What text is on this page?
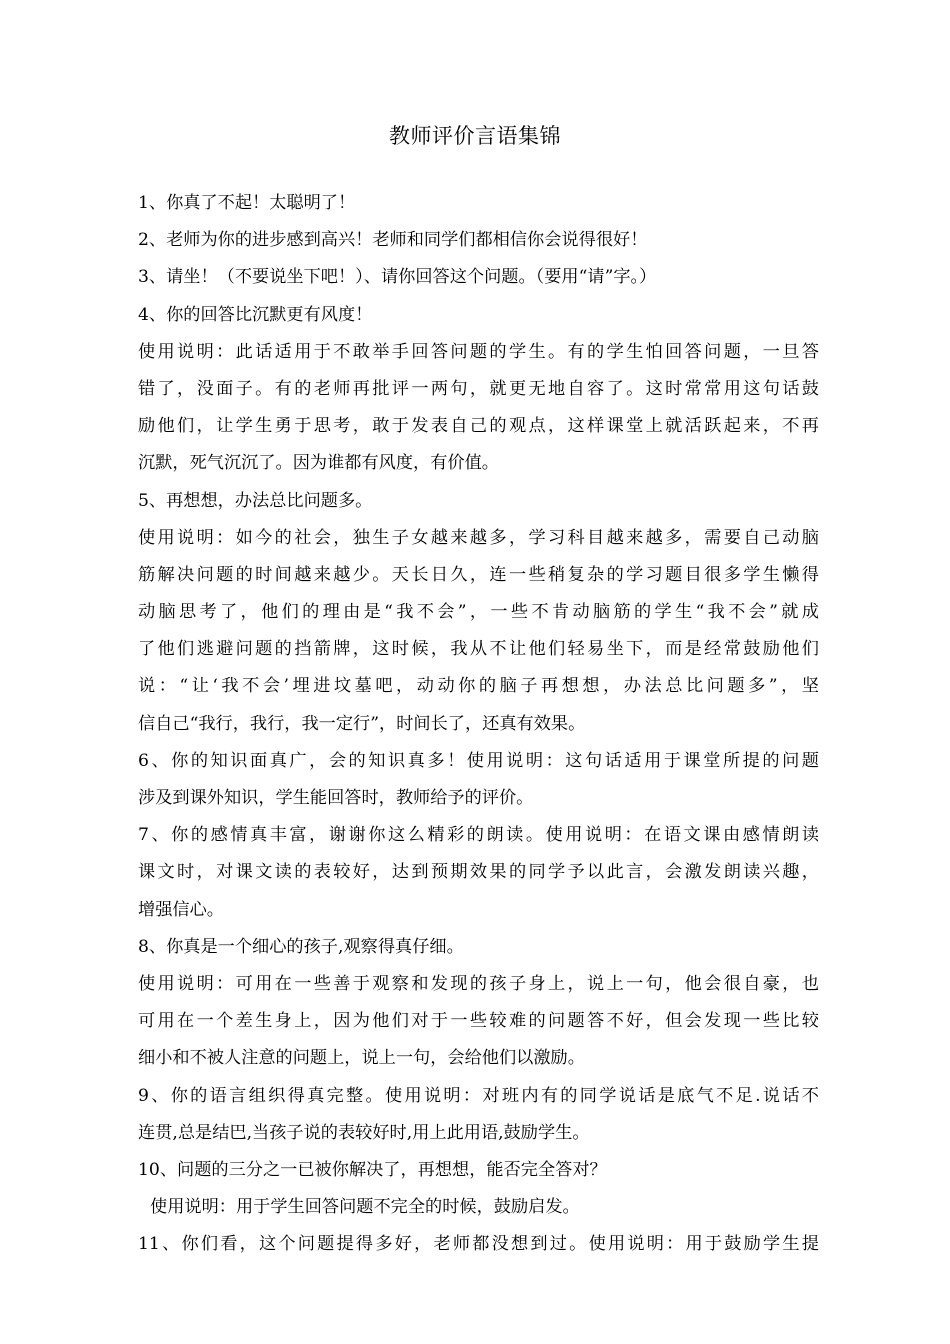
教师评价言语集锦
1、你真了不起！太聪明了！
2、老师为你的进步感到高兴！老师和同学们都相信你会说得很好！
3、请坐！（不要说坐下吧！）、请你回答这个问题。（要用“请”字。）
4、你的回答比沉默更有风度！
使用说明：此话适用于不敢举手回答问题的学生。有的学生怕回答问题，一旦答
错了，没面子。有的老师再批评一两句，就更无地自容了。这时常常用这句话鼓
励他们，让学生勇于思考，敢于发表自己的观点，这样课堂上就活跃起来，不再
沉默，死气沉沉了。因为谁都有风度，有价值。
5、再想想，办法总比问题多。
使用说明：如今的社会，独生子女越来越多，学习科目越来越多，需要自己动脑
筋解决问题的时间越来越少。天长日久，连一些稍复杂的学习题目很多学生懒得
动脑思考了，他们的理由是“我不会”，一些不肯动脑筋的学生“我不会”就成
了他们逃避问题的挡箭牌，这时候，我从不让他们轻易坐下，而是经常鼓励他们
说：“让‘我不会’埋进坟墓吧，动动你的脑子再想想，办法总比问题多”，坚
信自己“我行，我行，我一定行”，时间长了，还真有效果。
6、你的知识面真广，会的知识真多！使用说明：这句话适用于课堂所提的问题
涉及到课外知识，学生能回答时，教师给予的评价。
7、你的感情真丰富，谢谢你这么精彩的朗读。使用说明：在语文课由感情朗读
课文时，对课文读的表较好，达到预期效果的同学予以此言，会激发朗读兴趣，
增强信心。
8、你真是一个细心的孩子,观察得真仔细。
使用说明：可用在一些善于观察和发现的孩子身上，说上一句，他会很自豪，也
可用在一个差生身上，因为他们对于一些较难的问题答不好，但会发现一些比较
细小和不被人注意的问题上，说上一句，会给他们以激励。
9、你的语言组织得真完整。使用说明：对班内有的同学说话是底气不足.说话不
连贯,总是结巴,当孩子说的表较好时,用上此用语,鼓励学生。
10、问题的三分之一已被你解决了，再想想，能否完全答对？
使用说明：用于学生回答问题不完全的时候，鼓励启发。
11、你们看，这个问题提得多好，老师都没想到过。使用说明：用于鼓励学生提
